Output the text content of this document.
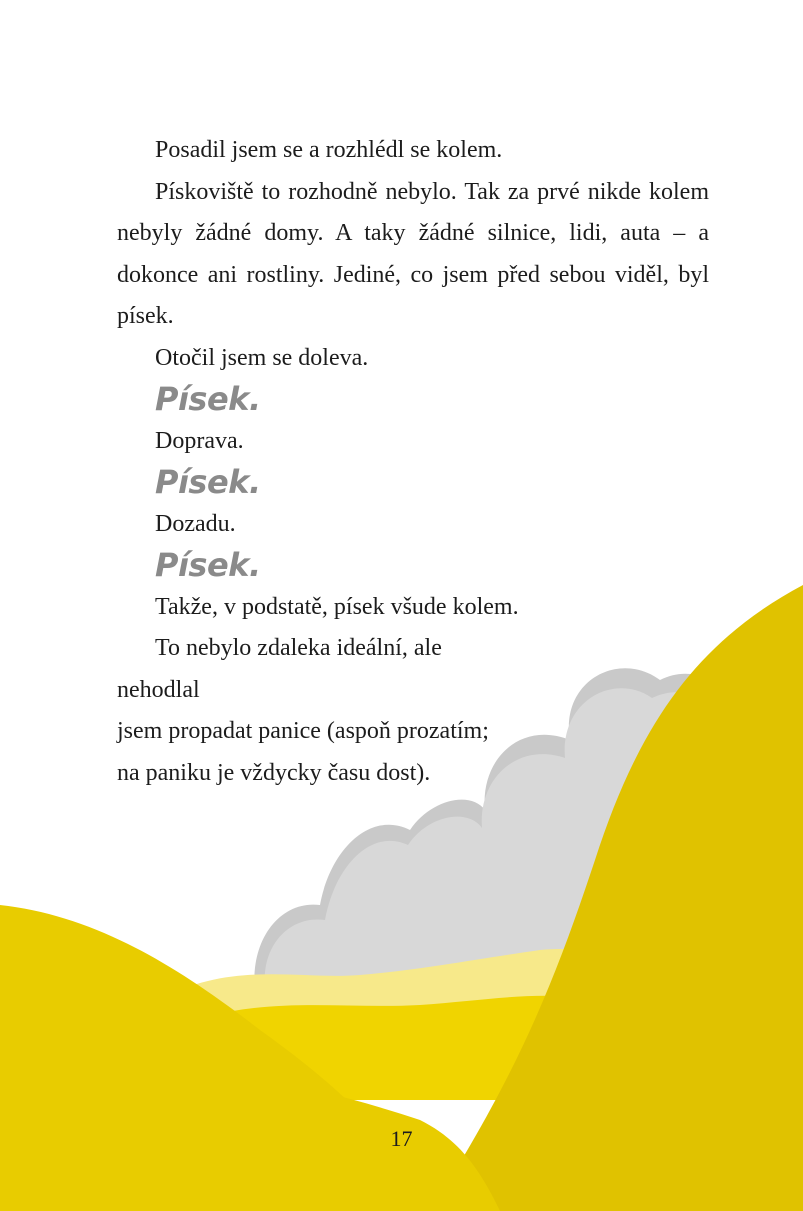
Posadil jsem se a rozhlédl se kolem.

Pískoviště to rozhodně nebylo. Tak za prvé nikde kolem nebyly žádné domy. A taky žádné silnice, lidi, auta – a dokonce ani rostliny. Jediné, co jsem před sebou viděl, byl písek.

Otočil jsem se doleva.

Písek.

Doprava.

Písek.

Dozadu.

Písek.

Takže, v podstatě, písek všude kolem.

To nebylo zdaleka ideální, ale nehodlal

jsem propadat panice (aspoň prozatím;

na paniku je vždycky času dost).

17
